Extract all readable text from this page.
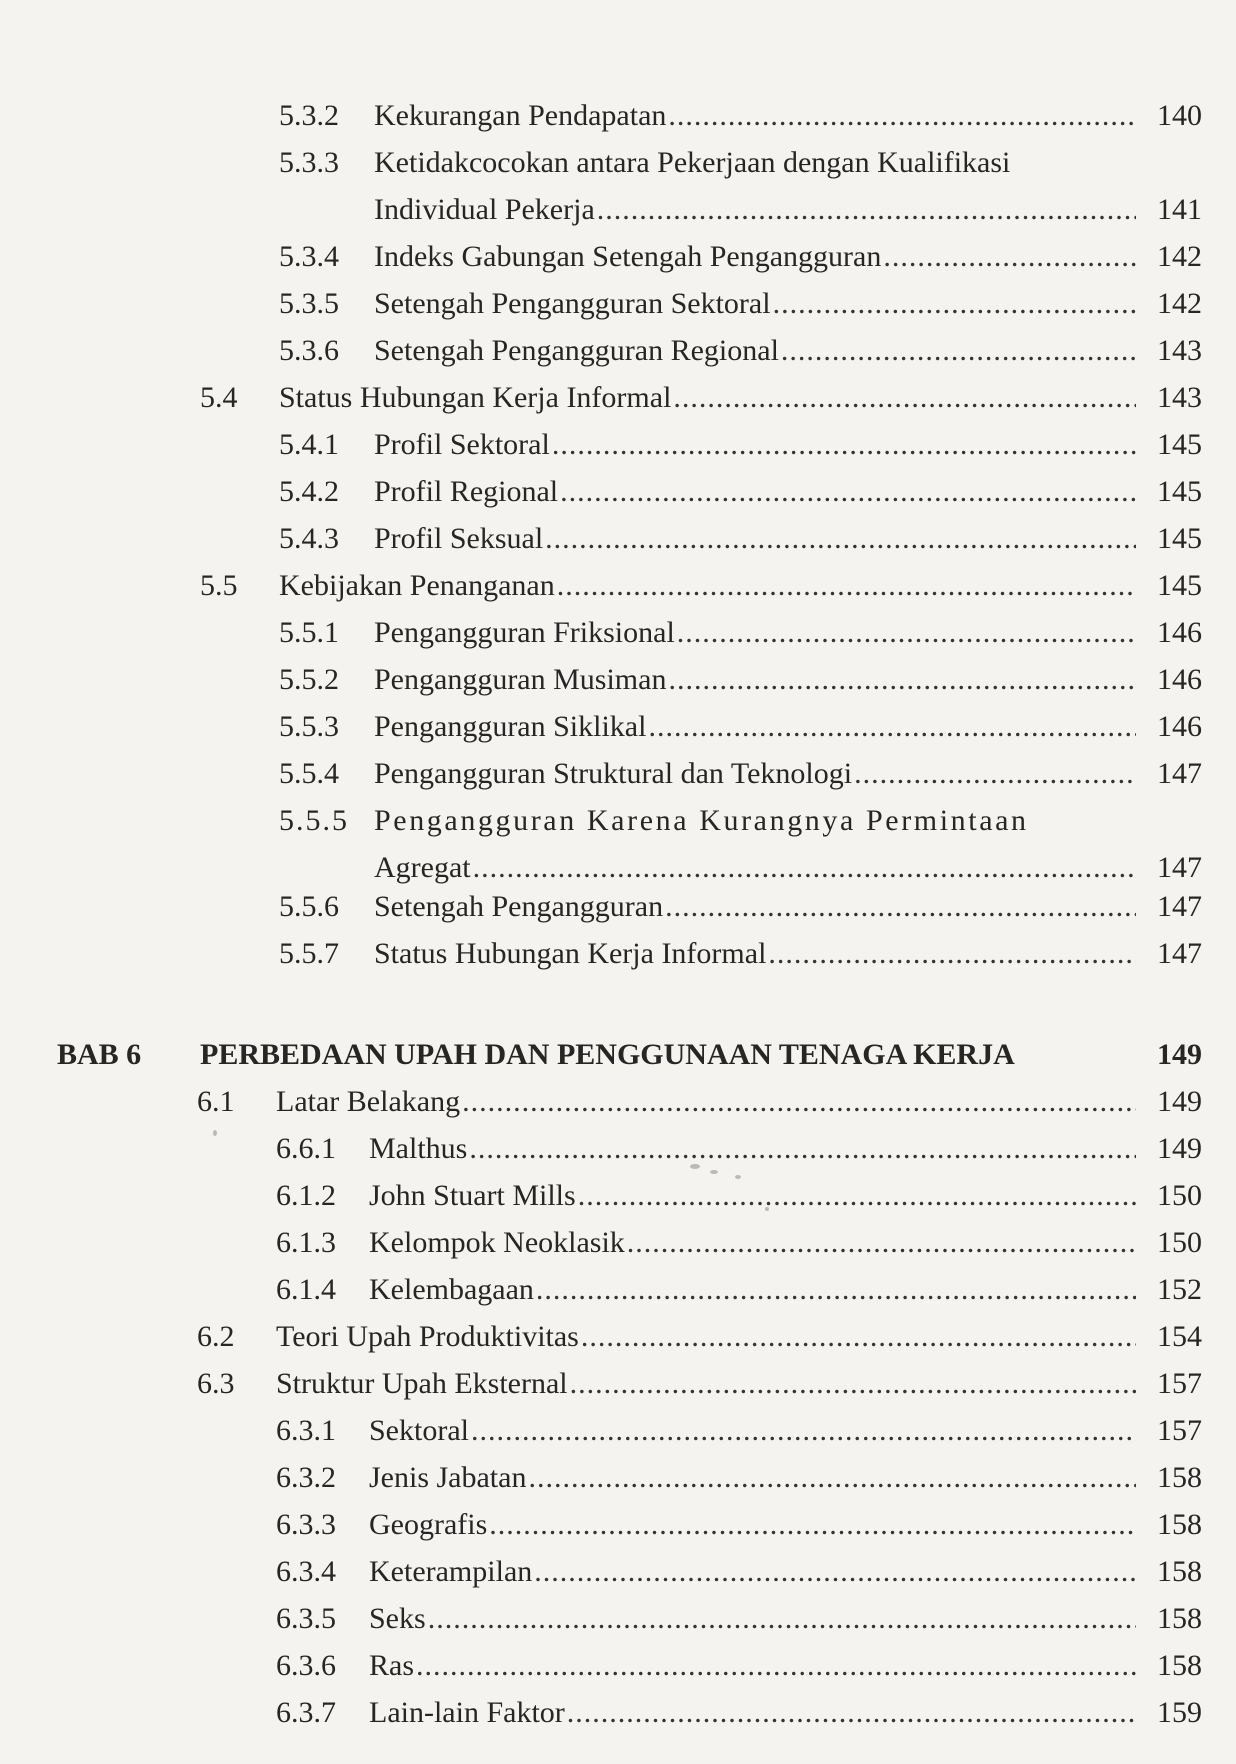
5.3.2	Kekurangan Pendapatan .....	140
5.3.3	Ketidakcocokan antara Pekerjaan dengan Kualifikasi
Individual Pekerja .....	141
5.3.4	Indeks Gabungan Setengah Pengangguran .....	142
5.3.5	Setengah Pengangguran Sektoral .....	142
5.3.6	Setengah Pengangguran Regional .....	143
5.4	Status Hubungan Kerja Informal .....	143
5.4.1	Profil Sektoral .....	145
5.4.2	Profil Regional .....	145
5.4.3	Profil Seksual .....	145
5.5	Kebijakan Penanganan .....	145
5.5.1	Pengangguran Friksional .....	146
5.5.2	Pengangguran Musiman .....	146
5.5.3	Pengangguran Siklikal .....	146
5.5.4	Pengangguran Struktural dan Teknologi .....	147
5.5.5 Pengangguran Karena Kurangnya Permintaan
Agregat .....	147
5.5.6	Setengah Pengangguran .....	147
5.5.7	Status Hubungan Kerja Informal .....	147
BAB 6	PERBEDAAN UPAH DAN PENGGUNAAN TENAGA KERJA	149
6.1	Latar Belakang .....	149
6.6.1	Malthus .....	149
6.1.2	John Stuart Mills .....	150
6.1.3	Kelompok Neoklasik .....	150
6.1.4	Kelembagaan .....	152
6.2	Teori Upah Produktivitas .....	154
6.3	Struktur Upah Eksternal .....	157
6.3.1	Sektoral .....	157
6.3.2	Jenis Jabatan .....	158
6.3.3	Geografis .....	158
6.3.4	Keterampilan .....	158
6.3.5	Seks .....	158
6.3.6	Ras .....	158
6.3.7	Lain-lain Faktor .....	159
